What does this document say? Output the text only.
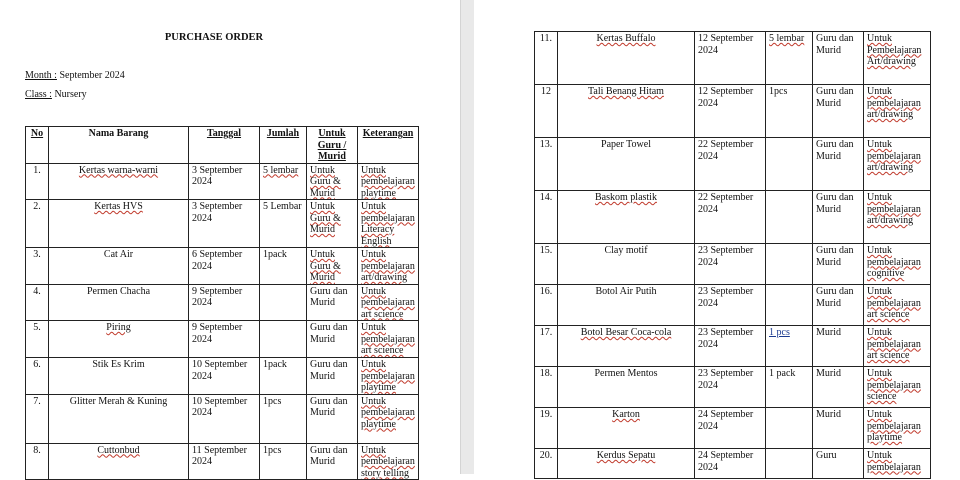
PURCHASE ORDER
Month : September 2024
Class : Nursery
No	Nama Barang	Tanggal	Jumlah	Untuk Guru / Murid	Keterangan
1.	Kertas warna-warni	3 September 2024	5 lembar	Untuk Guru & Murid	Untuk pembelajaran playtime
2.	Kertas HVS	3 September 2024	5 Lembar	Untuk Guru & Murid	Untuk pembelajaran Literacy English
3.	Cat Air	6 September 2024	1pack	Untuk Guru & Murid	Untuk pembelajaran art/drawing
4.	Permen Chacha	9 September 2024		Guru dan Murid	Untuk pembelajaran art science
5.	Piring	9 September 2024		Guru dan Murid	Untuk pembelajaran art science
6.	Stik Es Krim	10 September 2024	1pack	Guru dan Murid	Untuk pembelajaran playtime
7.	Glitter Merah & Kuning	10 September 2024	1pcs	Guru dan Murid	Untuk pembelajaran playtime
8.	Cuttonbud	11 September 2024	1pcs	Guru dan Murid	Untuk pembelajaran story telling
11.	Kertas Buffalo	12 September 2024	5 lembar	Guru dan Murid	Untuk Pembelajaran Art/drawing
12	Tali Benang Hitam	12 September 2024	1pcs	Guru dan Murid	Untuk pembelajaran art/drawing
13.	Paper Towel	22 September 2024		Guru dan Murid	Untuk pembelajaran art/drawing
14.	Baskom plastik	22 September 2024		Guru dan Murid	Untuk pembelajaran art/drawing
15.	Clay motif	23 September 2024		Guru dan Murid	Untuk pembelajaran cognitive
16.	Botol Air Putih	23 September 2024		Guru dan Murid	Untuk pembelajaran art science
17.	Botol Besar Coca-cola	23 September 2024	1 pcs	Murid	Untuk pembelajaran art science
18.	Permen Mentos	23 September 2024	1 pack	Murid	Untuk pembelajaran science
19.	Karton	24 September 2024		Murid	Untuk pembelajaran playtime
20.	Kerdus Sepatu	24 September 2024		Guru	Untuk pembelajaran
